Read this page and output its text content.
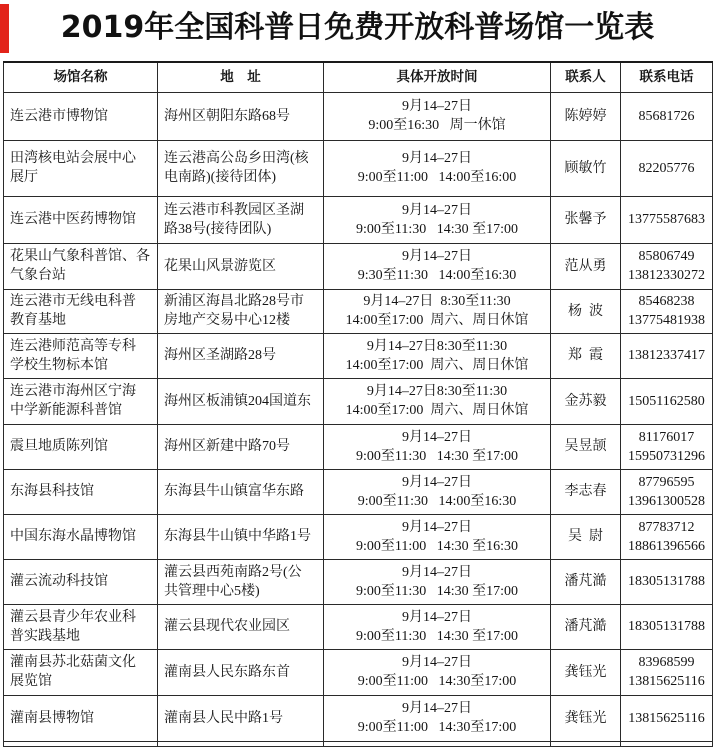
2019年全国科普日免费开放科普场馆一览表
场馆名称	地　址	具体开放时间	联系人	联系电话

连云港市博物馆	海州区朝阳东路68号	9月14–27日
9:00至16:30   周一休馆	陈婷婷	85681726

田湾核电站会展中心
展厅	连云港高公岛乡田湾(核
电南路)(接待团体)	9月14–27日
9:00至11:00   14:00至16:00	顾敏竹	82205776

连云港中医药博物馆	连云港市科教园区圣湖
路38号(接待团队)	9月14–27日
9:00至11:30   14:30 至17:00	张馨予	13775587683

花果山气象科普馆、各
气象台站	花果山风景游览区	9月14–27日
9:30至11:30   14:00至16:30	范从勇	85806749
13812330272

连云港市无线电科普
教育基地	新浦区海昌北路28号市
房地产交易中心12楼	9月14–27日  8:30至11:30
14:00至17:00  周六、周日休馆	杨  波	85468238
13775481938

连云港师范高等专科
学校生物标本馆	海州区圣湖路28号	9月14–27日8:30至11:30
14:00至17:00  周六、周日休馆	郑  霞	13812337417

连云港市海州区宁海
中学新能源科普馆	海州区板浦镇204国道东	9月14–27日8:30至11:30
14:00至17:00  周六、周日休馆	金苏毅	15051162580

震旦地质陈列馆	海州区新建中路70号	9月14–27日
9:00至11:30   14:30 至17:00	吴昱颉	81176017
15950731296

东海县科技馆	东海县牛山镇富华东路	9月14–27日
9:00至11:30   14:00至16:30	李志春	87796595
13961300528

中国东海水晶博物馆	东海县牛山镇中华路1号	9月14–27日
9:00至11:00   14:30 至16:30	吴  尉	87783712
18861396566

灌云流动科技馆	灌云县西苑南路2号(公
共管理中心5楼)	9月14–27日
9:00至11:30   14:30 至17:00	潘芃澔	18305131788

灌云县青少年农业科
普实践基地	灌云县现代农业园区	9月14–27日
9:00至11:30   14:30 至17:00	潘芃澔	18305131788

灌南县苏北菇菌文化
展览馆	灌南县人民东路东首	9月14–27日
9:00至11:00   14:30至17:00	龚钰光	83968599
13815625116

灌南县博物馆	灌南县人民中路1号	9月14–27日
9:00至11:00   14:30至17:00	龚钰光	13815625116
